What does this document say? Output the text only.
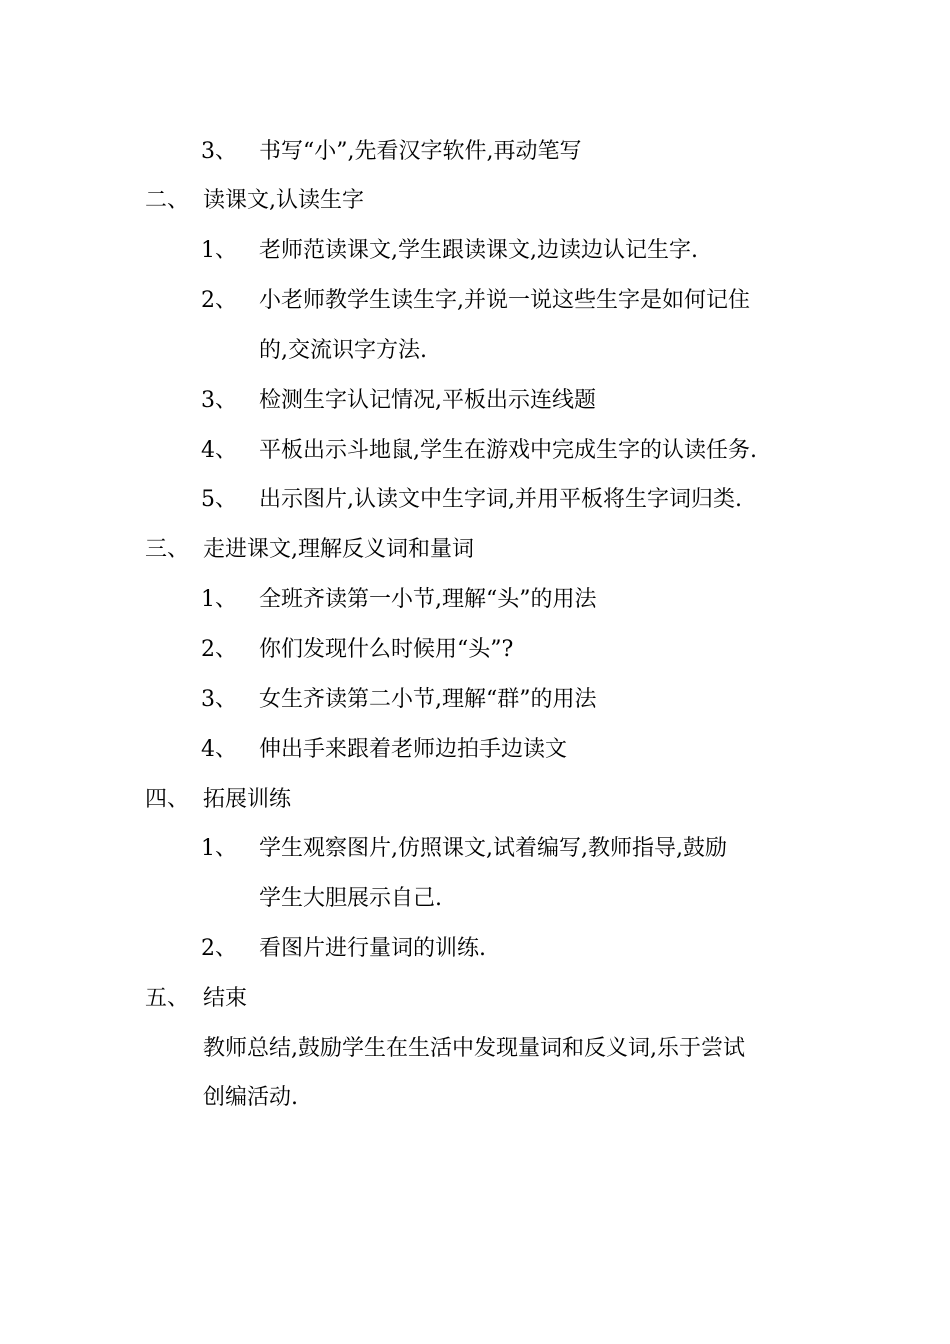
3、 书写“小”,先看汉字软件,再动笔写
二、 读课文,认读生字
1、 老师范读课文,学生跟读课文,边读边认记生字.
2、 小老师教学生读生字,并说一说这些生字是如何记住
的,交流识字方法.
3、 检测生字认记情况,平板出示连线题
4、 平板出示斗地鼠,学生在游戏中完成生字的认读任务.
5、 出示图片,认读文中生字词,并用平板将生字词归类.
三、 走进课文,理解反义词和量词
1、 全班齐读第一小节,理解“头”的用法
2、 你们发现什么时候用“头”?
3、 女生齐读第二小节,理解“群”的用法
4、 伸出手来跟着老师边拍手边读文
四、 拓展训练
1、 学生观察图片,仿照课文,试着编写,教师指导,鼓励
学生大胆展示自己.
2、 看图片进行量词的训练.
五、 结束
教师总结,鼓励学生在生活中发现量词和反义词,乐于尝试
创编活动.
